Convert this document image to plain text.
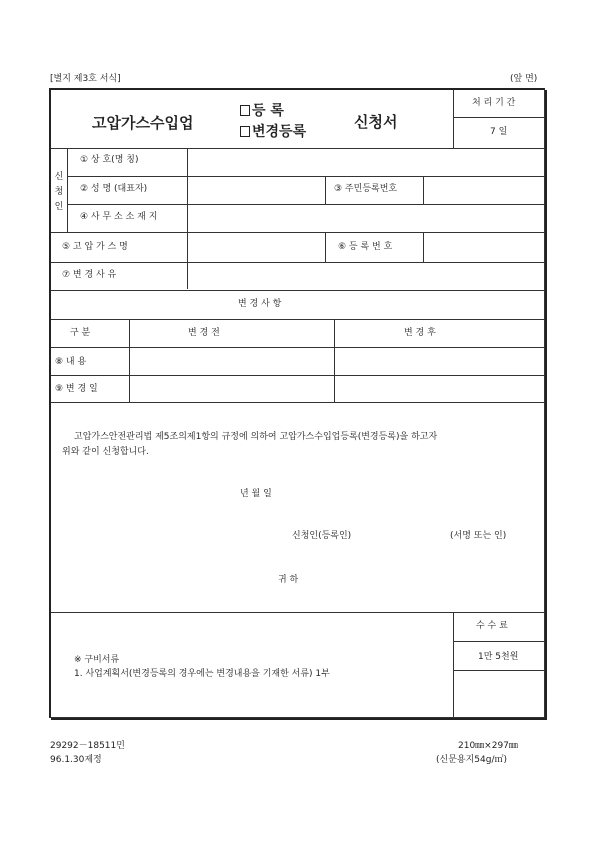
[별지 제3호 서식]	(앞 면)
고압가스수입업
등 록
변경등록
신청서
처 리 기 간
7 일
신청인
① 상 호(명 칭)
② 성 명 (대표자)	③ 주민등록번호
④ 사 무 소 소 재 지
⑤ 고 압 가 스 명	⑥ 등 록 번 호
⑦ 변 경 사 유
변 경 사 항
구 분	변 경 전	변 경 후
⑧ 내 용
⑨ 변 경 일
고압가스안전관리법 제5조의제1항의 규정에 의하여 고압가스수입업등록(변경등록)을 하고자
위와 같이 신청합니다.
년 월 일
신청인(등록인)	(서명 또는 인)
귀 하
수 수 료
1만 5천원
※ 구비서류
1. 사업계획서(변경등록의 경우에는 변경내용을 기재한 서류) 1부
29292－18511민
96.1.30제정
210㎜×297㎜
(신문용지54g/㎡)
